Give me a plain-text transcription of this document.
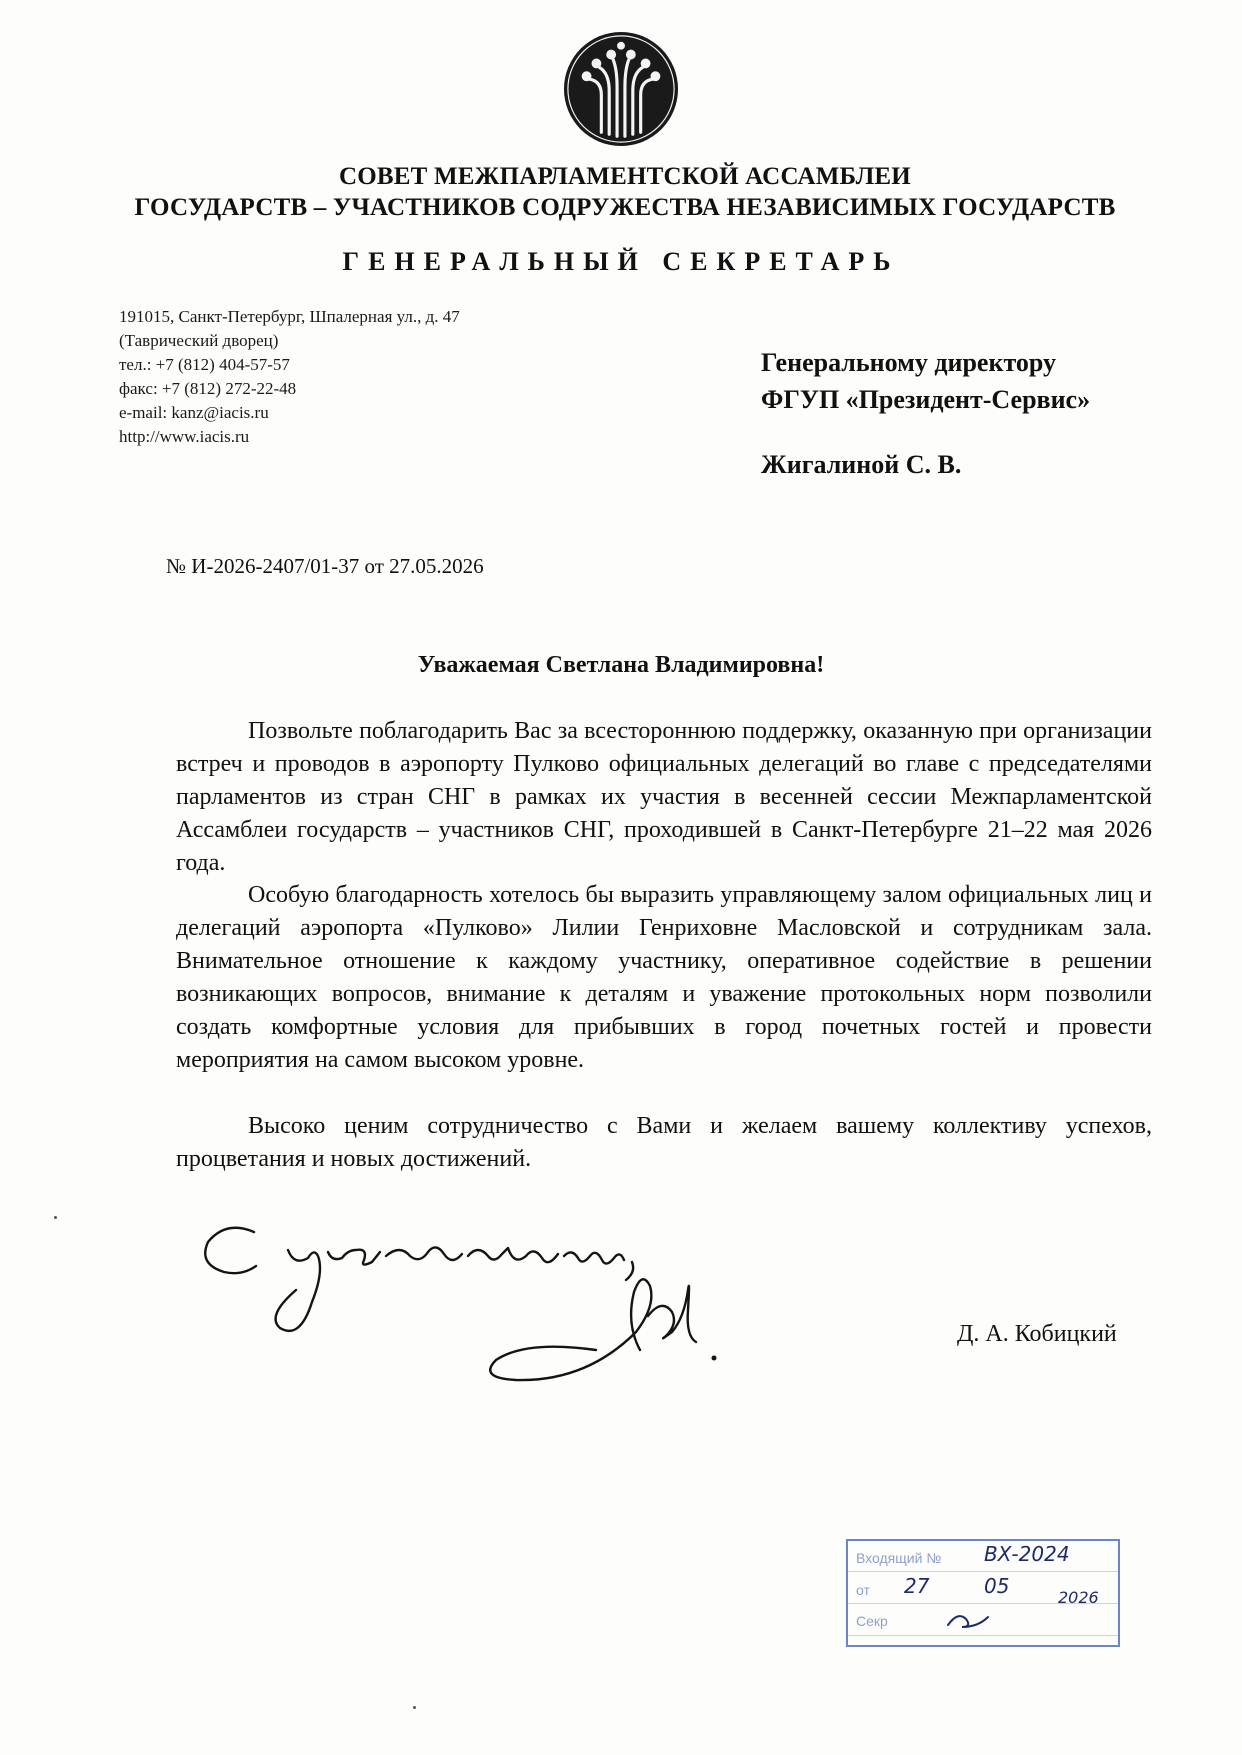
СОВЕТ МЕЖПАРЛАМЕНТСКОЙ АССАМБЛЕИ
ГОСУДАРСТВ – УЧАСТНИКОВ СОДРУЖЕСТВА НЕЗАВИСИМЫХ ГОСУДАРСТВ
ГЕНЕРАЛЬНЫЙ СЕКРЕТАРЬ
191015, Санкт-Петербург, Шпалерная ул., д. 47
(Таврический дворец)
тел.: +7 (812) 404-57-57
факс: +7 (812) 272-22-48
e-mail: kanz@iacis.ru
http://www.iacis.ru
Генеральному директору
ФГУП «Президент-Сервис»
Жигалиной С. В.
№ И-2026-2407/01-37 от 27.05.2026
Уважаемая Светлана Владимировна!
Позвольте поблагодарить Вас за всестороннюю поддержку, оказанную при организации встреч и проводов в аэропорту Пулково официальных делегаций во главе с председателями парламентов из стран СНГ в рамках их участия в весенней сессии Межпарламентской Ассамблеи государств – участников СНГ, проходившей в Санкт-Петербурге 21–22 мая 2026 года.
Особую благодарность хотелось бы выразить управляющему залом официальных лиц и делегаций аэропорта «Пулково» Лилии Генриховне Масловской и сотрудникам зала. Внимательное отношение к каждому участнику, оперативное содействие в решении возникающих вопросов, внимание к деталям и уважение протокольных норм позволили создать комфортные условия для прибывших в город почетных гостей и провести мероприятия на самом высоком уровне.
Высоко ценим сотрудничество с Вами и желаем вашему коллективу успехов, процветания и новых достижений.
Д. А. Кобицкий
Входящий №
от
Секр
ВХ-2024
27	05	2026
